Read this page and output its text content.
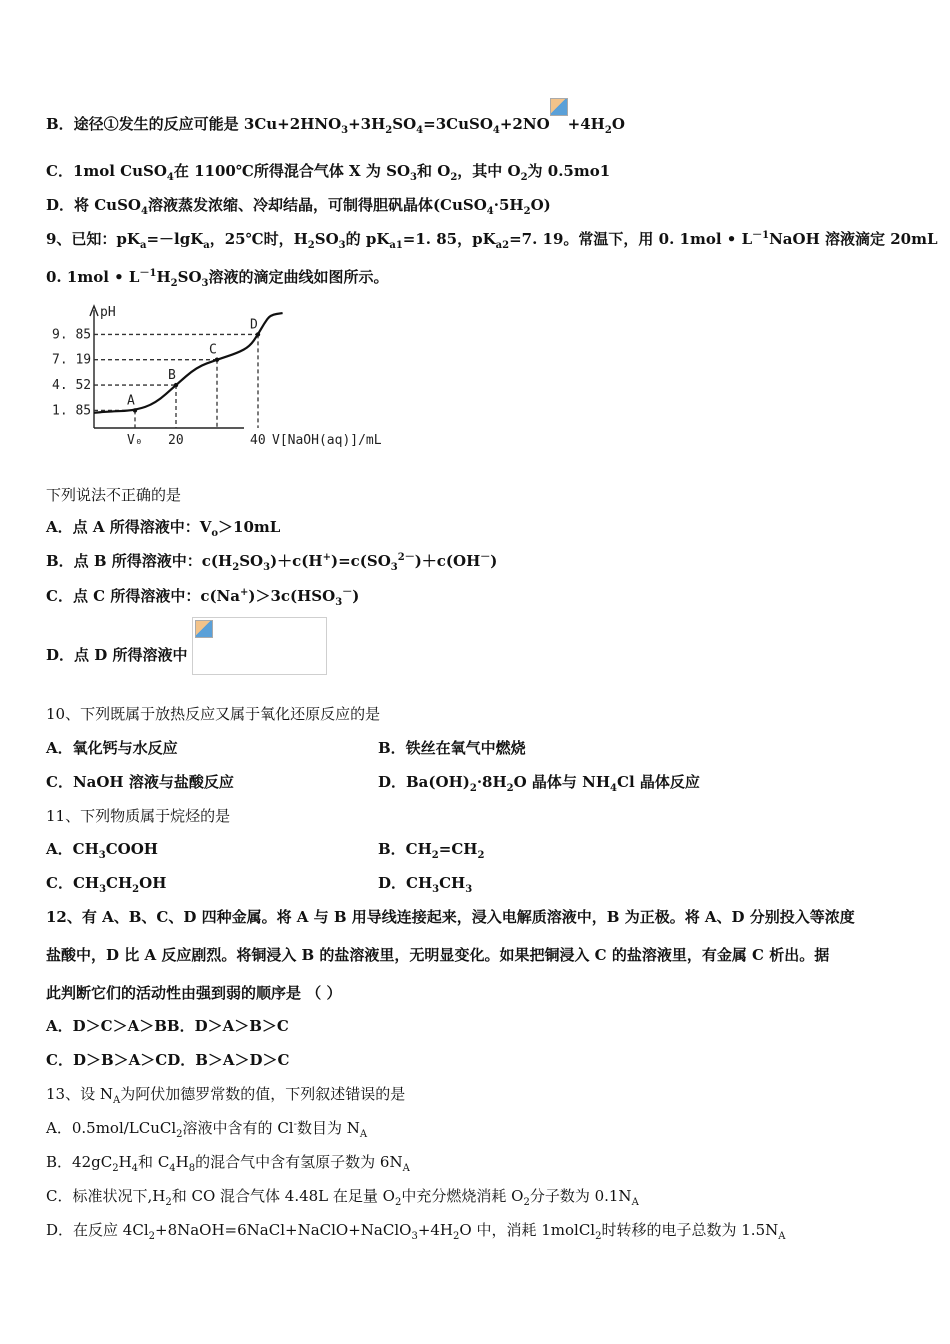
B．途径①发生的反应可能是 $3Cu+2HNO_3+3H_2SO_4=3CuSO_4+2NO +4H_2O$
C．1mol CuSO$_4$在 1100℃所得混合气体 X 为 $SO_3$和 $O_2$，其中 $O_2$为 0.5mo1
D．将 CuSO$_4$溶液蒸发浓缩、冷却结晶，可制得胆矾晶体$(CuSO_4\cdot 5H_2O)$
9、已知：$pK_a=-\lg K_a$，25℃时，$H_2SO_3$的 $pK_{a1}=1$. 85，$pK_{a2}=7$. 19。常温下，用 0. 1mol • $L^{-1}NaOH$ 溶液滴定 20mL
0. 1mol • $L^{-1}H_2SO_3$溶液的滴定曲线如图所示。
A
B
C
D
9. 85
7. 19
4. 52
1. 85
V₀ 20	40
pH
V[NaOH(aq)]/mL
下列说法不正确的是
A．点 A 所得溶液中：$V_o>10mL$
B．点 B 所得溶液中：$c(H_2SO_3)+c(H^+)=c(SO_3^{2-})+c(OH^-)$
C．点 C 所得溶液中：$c(Na^+)>3c(HSO_3^-)$
D．点 D 所得溶液中
10、下列既属于放热反应又属于氧化还原反应的是
A．氧化钙与水反应	B．铁丝在氧气中燃烧
C．NaOH 溶液与盐酸反应	D．$Ba(OH)_2\cdot 8H_2O$ 晶体与 $NH_4Cl$ 晶体反应
11、下列物质属于烷烃的是
A．$CH_3COOH$	B．$CH_2=CH_2$
C．$CH_3CH_2OH$	D．$CH_3CH_3$
12、有 A、B、C、D 四种金属。将 A 与 B 用导线连接起来，浸入电解质溶液中，B 为正极。将 A、D 分别投入等浓度
盐酸中，D 比 A 反应剧烈。将铜浸入 B 的盐溶液里，无明显变化。如果把铜浸入 C 的盐溶液里，有金属 C 析出。据
此判断它们的活动性由强到弱的顺序是 （ ）
A．D＞C＞A＞BB．D＞A＞B＞C
C．D＞B＞A＞CD．B＞A＞D＞C
13、设 $N_A$为阿伏加德罗常数的值，下列叙述错误的是
A．0.5mol/LCuCl$_2$溶液中含有的 Cl-数目为 $N_A$
B．$42gC_2H_4$和 $C_4H_8$的混合气中含有氢原子数为 $6N_A$
C．标准状况下$,H_2$和 CO 混合气体 4.48L 在足量 $O_2$中充分燃烧消耗 $O_2$分子数为 $0.1N_A$
D．在反应 $4Cl_2+8NaOH=6NaCl+NaClO+NaClO_3+4H_2O$ 中，消耗 1molCl$_2$时转移的电子总数为 $1.5N_A$
